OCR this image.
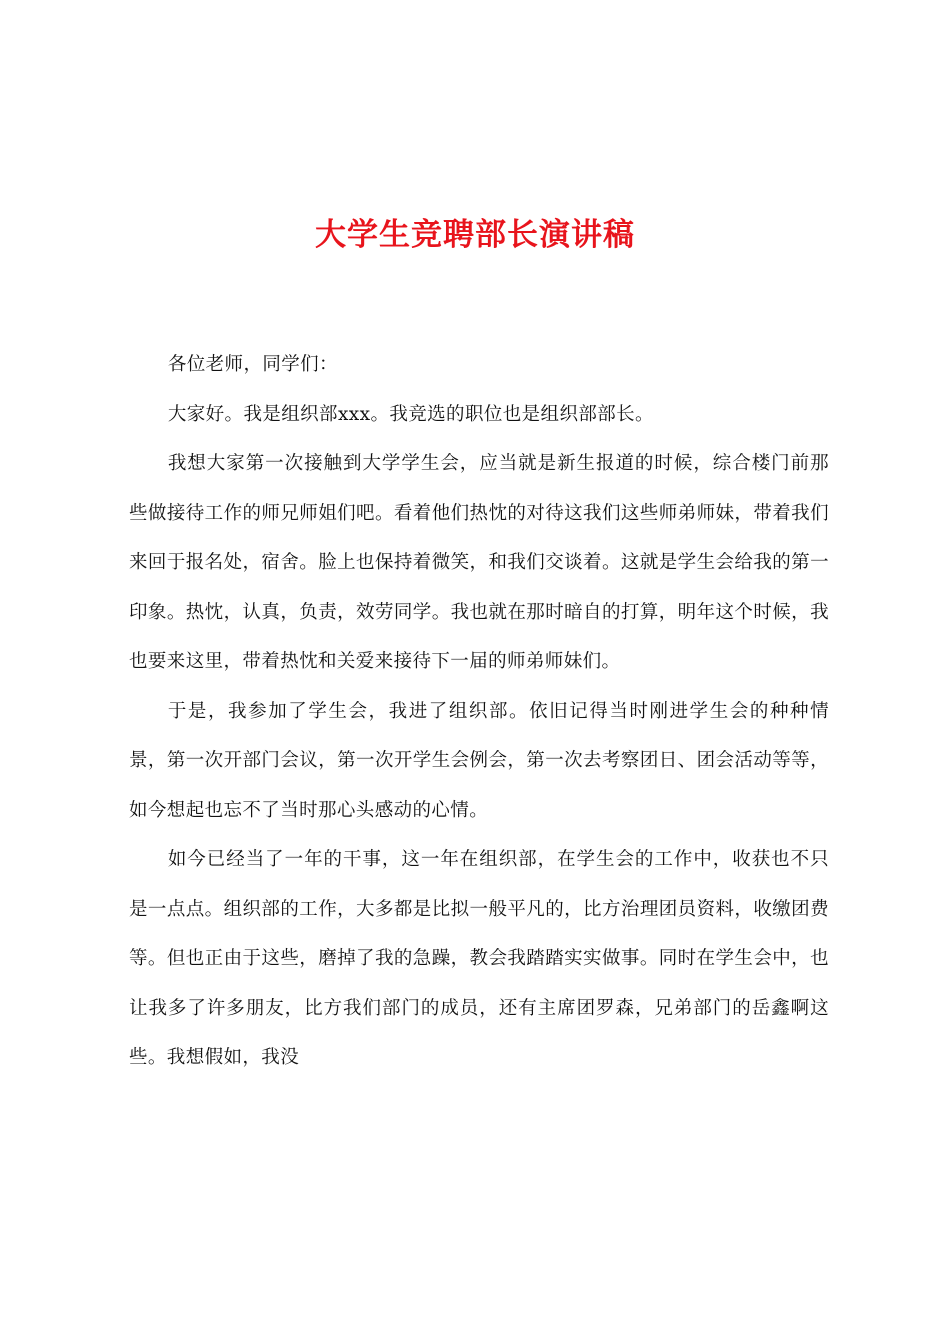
大学生竞聘部长演讲稿

各位老师，同学们：

大家好。我是组织部xxx。我竞选的职位也是组织部部长。

我想大家第一次接触到大学学生会，应当就是新生报道的时候，综合楼门前那些做接待工作的师兄师姐们吧。看着他们热忱的对待这我们这些师弟师妹，带着我们来回于报名处，宿舍。脸上也保持着微笑，和我们交谈着。这就是学生会给我的第一印象。热忱，认真，负责，效劳同学。我也就在那时暗自的打算，明年这个时候，我也要来这里，带着热忱和关爱来接待下一届的师弟师妹们。

于是，我参加了学生会，我进了组织部。依旧记得当时刚进学生会的种种情景，第一次开部门会议，第一次开学生会例会，第一次去考察团日、团会活动等等，如今想起也忘不了当时那心头感动的心情。

如今已经当了一年的干事，这一年在组织部，在学生会的工作中，收获也不只是一点点。组织部的工作，大多都是比拟一般平凡的，比方治理团员资料，收缴团费等。但也正由于这些，磨掉了我的急躁，教会我踏踏实实做事。同时在学生会中，也让我多了许多朋友，比方我们部门的成员，还有主席团罗森，兄弟部门的岳鑫啊这些。我想假如，我没
